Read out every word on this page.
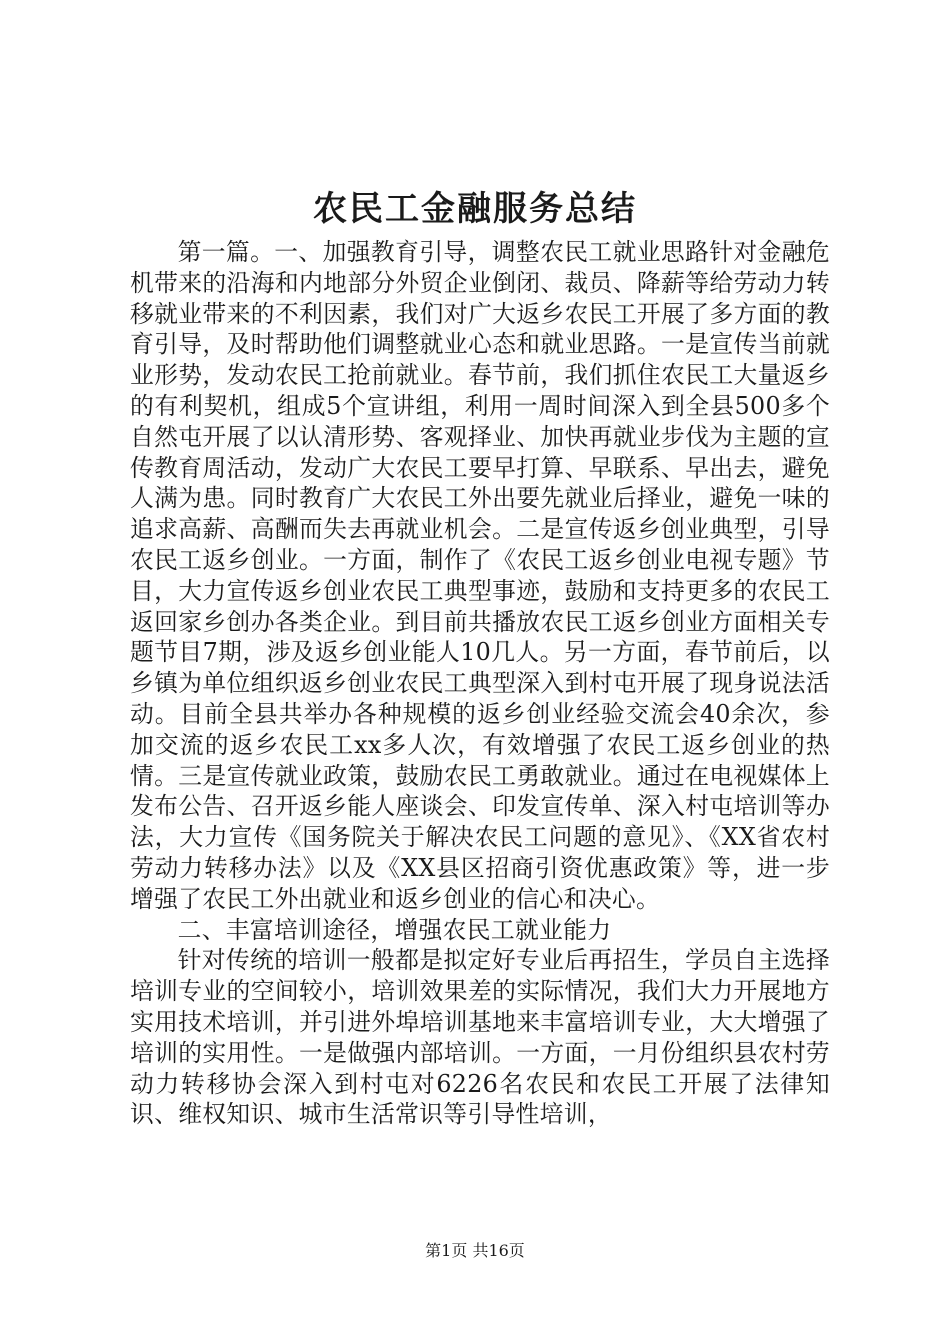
农民工金融服务总结

第一篇。一、加强教育引导，调整农民工就业思路针对金融危机带来的沿海和内地部分外贸企业倒闭、裁员、降薪等给劳动力转移就业带来的不利因素，我们对广大返乡农民工开展了多方面的教育引导，及时帮助他们调整就业心态和就业思路。一是宣传当前就业形势，发动农民工抢前就业。春节前，我们抓住农民工大量返乡的有利契机，组成5个宣讲组，利用一周时间深入到全县500多个自然屯开展了以认清形势、客观择业、加快再就业步伐为主题的宣传教育周活动，发动广大农民工要早打算、早联系、早出去，避免人满为患。同时教育广大农民工外出要先就业后择业，避免一味的追求高薪、高酬而失去再就业机会。二是宣传返乡创业典型，引导农民工返乡创业。一方面，制作了《农民工返乡创业电视专题》节目，大力宣传返乡创业农民工典型事迹，鼓励和支持更多的农民工返回家乡创办各类企业。到目前共播放农民工返乡创业方面相关专题节目7期，涉及返乡创业能人10几人。另一方面，春节前后，以乡镇为单位组织返乡创业农民工典型深入到村屯开展了现身说法活动。目前全县共举办各种规模的返乡创业经验交流会40余次，参加交流的返乡农民工xx多人次，有效增强了农民工返乡创业的热情。三是宣传就业政策，鼓励农民工勇敢就业。通过在电视媒体上发布公告、召开返乡能人座谈会、印发宣传单、深入村屯培训等办法，大力宣传《国务院关于解决农民工问题的意见》、《XX省农村劳动力转移办法》以及《XX县区招商引资优惠政策》等，进一步增强了农民工外出就业和返乡创业的信心和决心。

二、丰富培训途径，增强农民工就业能力

针对传统的培训一般都是拟定好专业后再招生，学员自主选择培训专业的空间较小，培训效果差的实际情况，我们大力开展地方实用技术培训，并引进外埠培训基地来丰富培训专业，大大增强了培训的实用性。一是做强内部培训。一方面，一月份组织县农村劳动力转移协会深入到村屯对6226名农民和农民工开展了法律知识、维权知识、城市生活常识等引导性培训，

第1页 共16页
